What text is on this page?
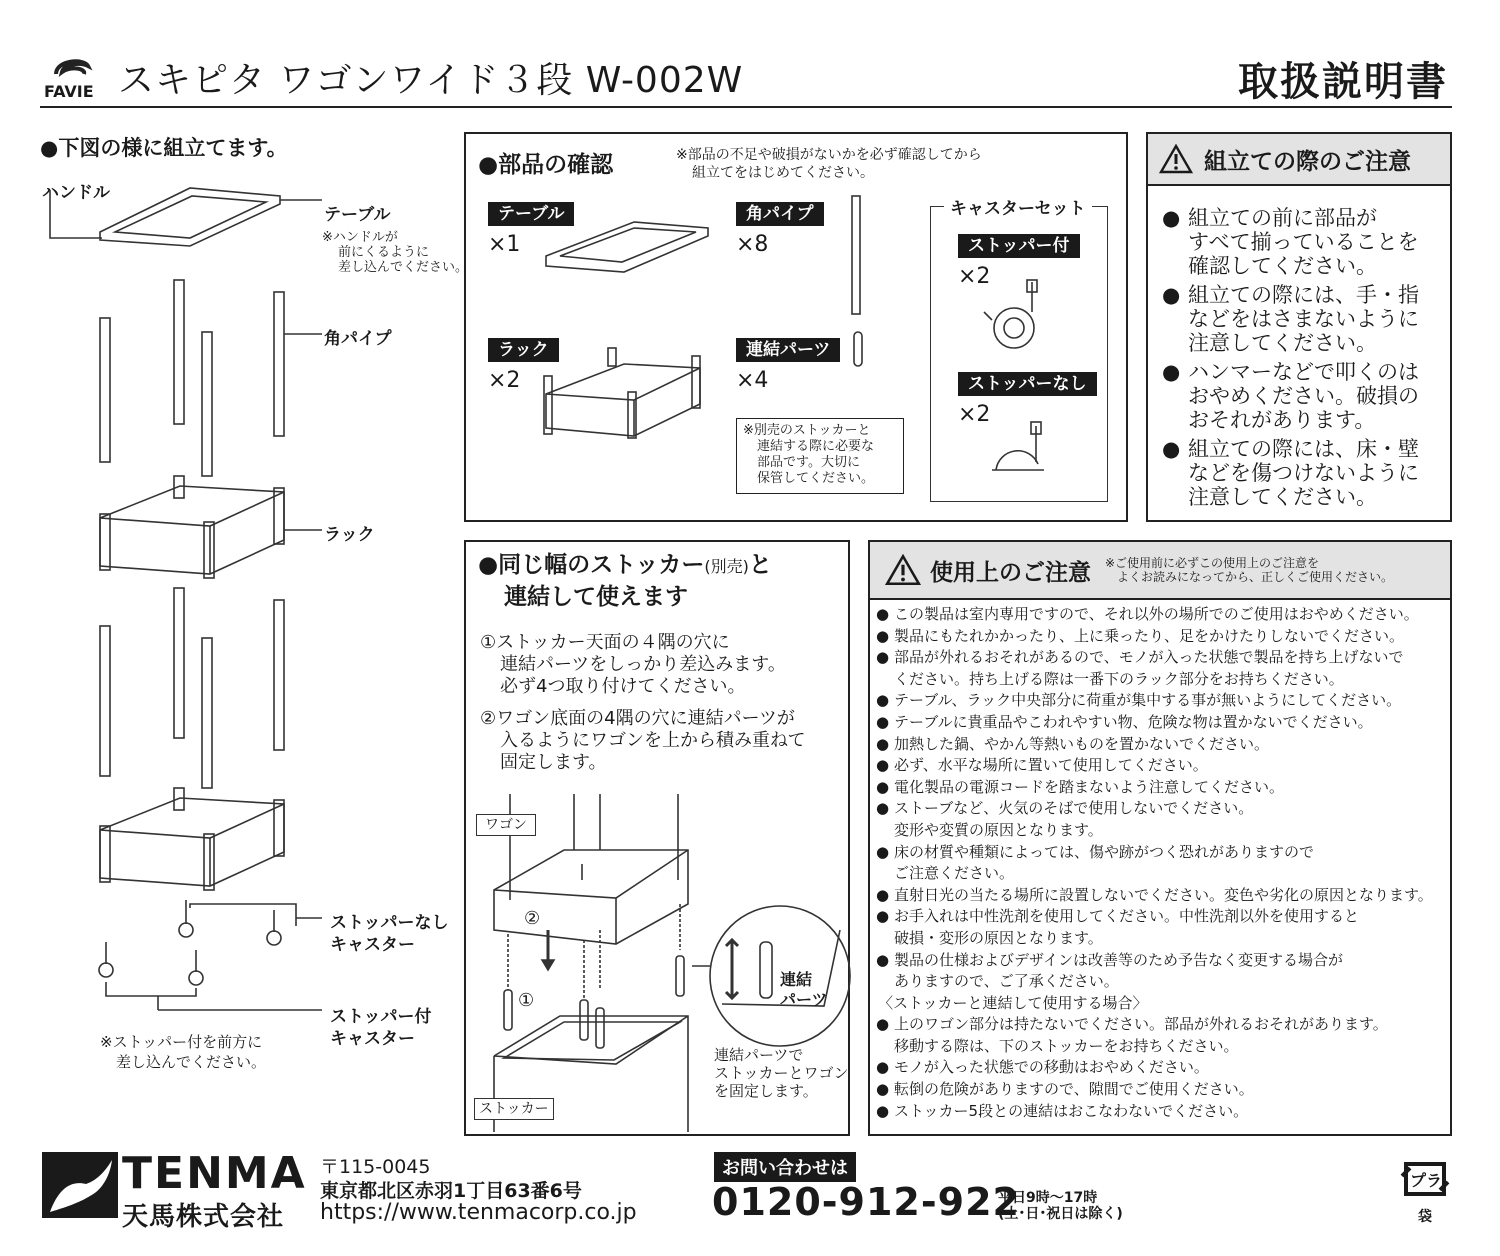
FAVIE スキピタ ワゴンワイド３段 W-002W	取扱説明書
●下図の様に組立てます。
ハンドル
テーブル
※ハンドルが
前にくるように
差し込んでください。
角パイプ
ラック
ストッパーなし
キャスター
ストッパー付
キャスター
※ストッパー付を前方に
差し込んでください。
●部品の確認	※部品の不足や破損がないかを必ず確認してから
組立てをはじめてください。
テーブル
×1
角パイプ
×8
ラック
×2
連結パーツ
×4
※別売のストッカーと
連結する際に必要な
部品です。大切に
保管してください。
キャスターセット
ストッパー付
×2
ストッパーなし
×2
組立ての際のご注意
● 組立ての前に部品が
すべて揃っていることを
確認してください。
● 組立ての際には、手・指
などをはさまないように
注意してください。
● ハンマーなどで叩くのは
おやめください。破損の
おそれがあります。
● 組立ての際には、床・壁
などを傷つけないように
注意してください。
●同じ幅のストッカー(別売)と
連結して使えます
①ストッカー天面の４隅の穴に
連結パーツをしっかり差込みます。
必ず4つ取り付けてください。
②ワゴン底面の4隅の穴に連結パーツが
入るようにワゴンを上から積み重ねて
固定します。
ワゴン
ストッカー
②
①
連結
パーツ
連結パーツで
ストッカーとワゴン
を固定します。
使用上のご注意 ※ご使用前に必ずこの使用上のご注意を
よくお読みになってから、正しくご使用ください。
● この製品は室内専用ですので、それ以外の場所でのご使用はおやめください。
● 製品にもたれかかったり、上に乗ったり、足をかけたりしないでください。
● 部品が外れるおそれがあるので、モノが入った状態で製品を持ち上げないで
ください。持ち上げる際は一番下のラック部分をお持ちください。
● テーブル、ラック中央部分に荷重が集中する事が無いようにしてください。
● テーブルに貴重品やこわれやすい物、危険な物は置かないでください。
● 加熱した鍋、やかん等熱いものを置かないでください。
● 必ず、水平な場所に置いて使用してください。
● 電化製品の電源コードを踏まないよう注意してください。
● ストーブなど、火気のそばで使用しないでください。
変形や変質の原因となります。
● 床の材質や種類によっては、傷や跡がつく恐れがありますので
ご注意ください。
● 直射日光の当たる場所に設置しないでください。変色や劣化の原因となります。
● お手入れは中性洗剤を使用してください。中性洗剤以外を使用すると
破損・変形の原因となります。
● 製品の仕様およびデザインは改善等のため予告なく変更する場合が
ありますので、ご了承ください。
〈ストッカーと連結して使用する場合〉
● 上のワゴン部分は持たないでください。部品が外れるおそれがあります。
移動する際は、下のストッカーをお持ちください。
● モノが入った状態での移動はおやめください。
● 転倒の危険がありますので、隙間でご使用ください。
● ストッカー5段との連結はおこなわないでください。
TENMA
天馬株式会社
〒115-0045
東京都北区赤羽1丁目63番6号
https://www.tenmacorp.co.jp
お問い合わせは
0120-912-922
平日9時～17時
(土･日･祝日は除く)
プラ
袋
